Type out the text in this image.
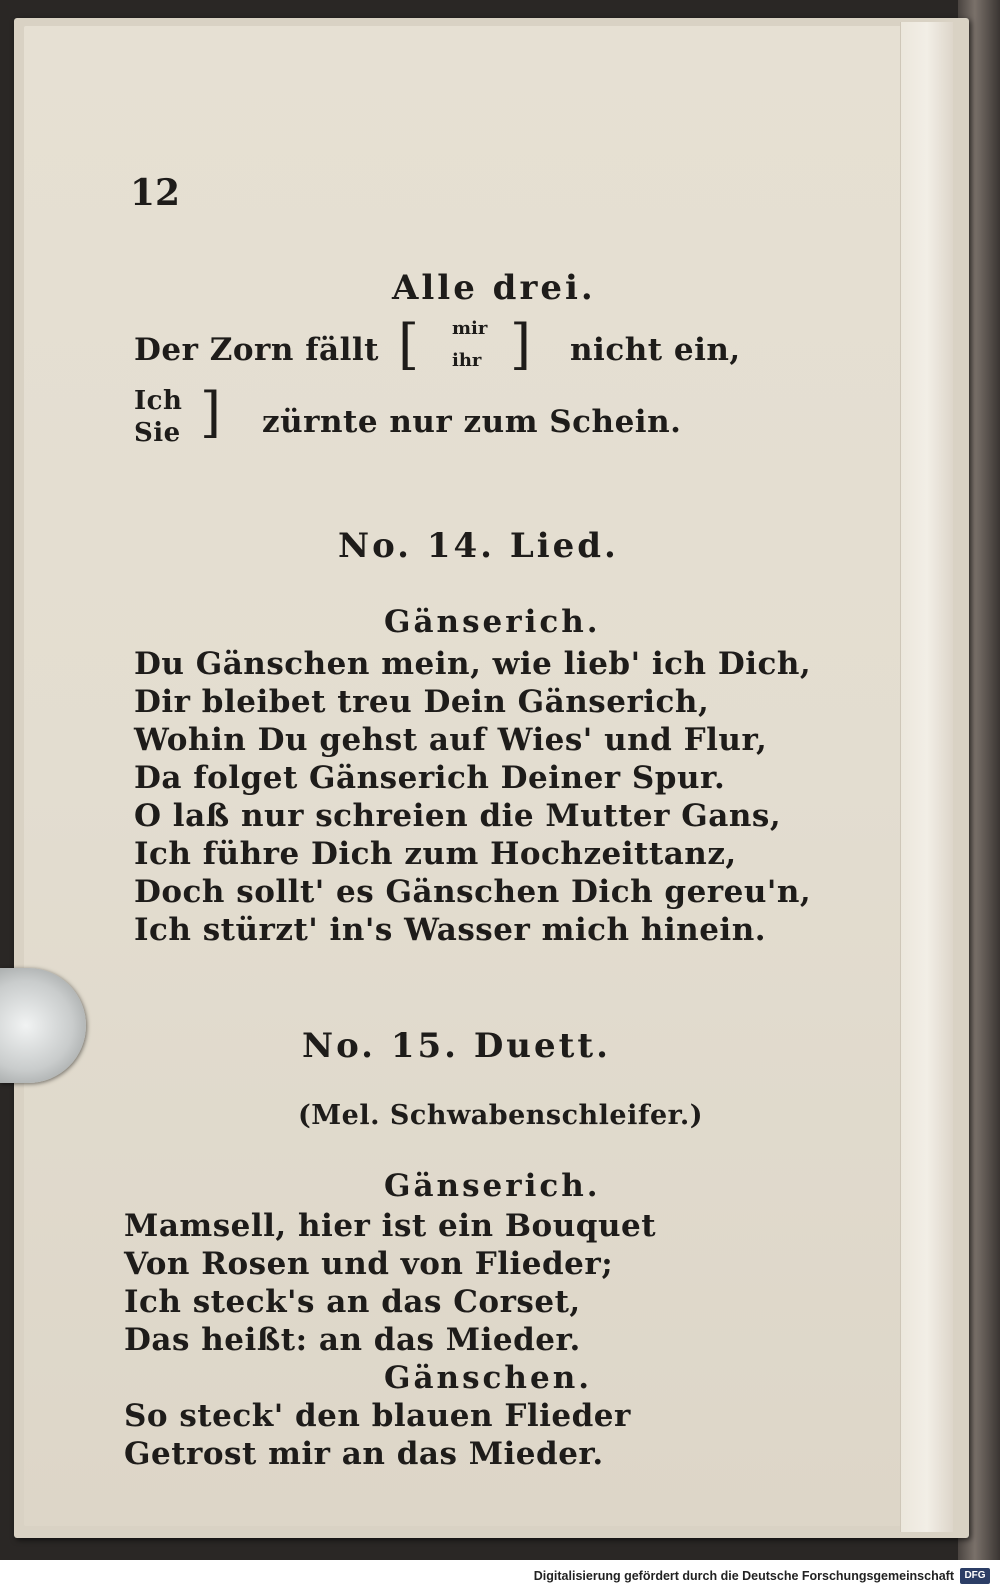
12
Alle drei.
Der Zorn fällt [ mir
ihr ] nicht ein,
Ich
Sie ] zürnte nur zum Schein.
No. 14. Lied.
Gänserich.
Du Gänschen mein, wie lieb' ich Dich,
Dir bleibet treu Dein Gänserich,
Wohin Du gehst auf Wies' und Flur,
Da folget Gänserich Deiner Spur.
O laß nur schreien die Mutter Gans,
Ich führe Dich zum Hochzeittanz,
Doch sollt' es Gänschen Dich gereu'n,
Ich stürzt' in's Wasser mich hinein.
No. 15. Duett.
(Mel. Schwabenschleifer.)
Gänserich.
Mamsell, hier ist ein Bouquet
Von Rosen und von Flieder;
Ich steck's an das Corset,
Das heißt: an das Mieder.
Gänschen.
So steck' den blauen Flieder
Getrost mir an das Mieder.
Digitalisierung gefördert durch die Deutsche Forschungsgemeinschaft	DFG
